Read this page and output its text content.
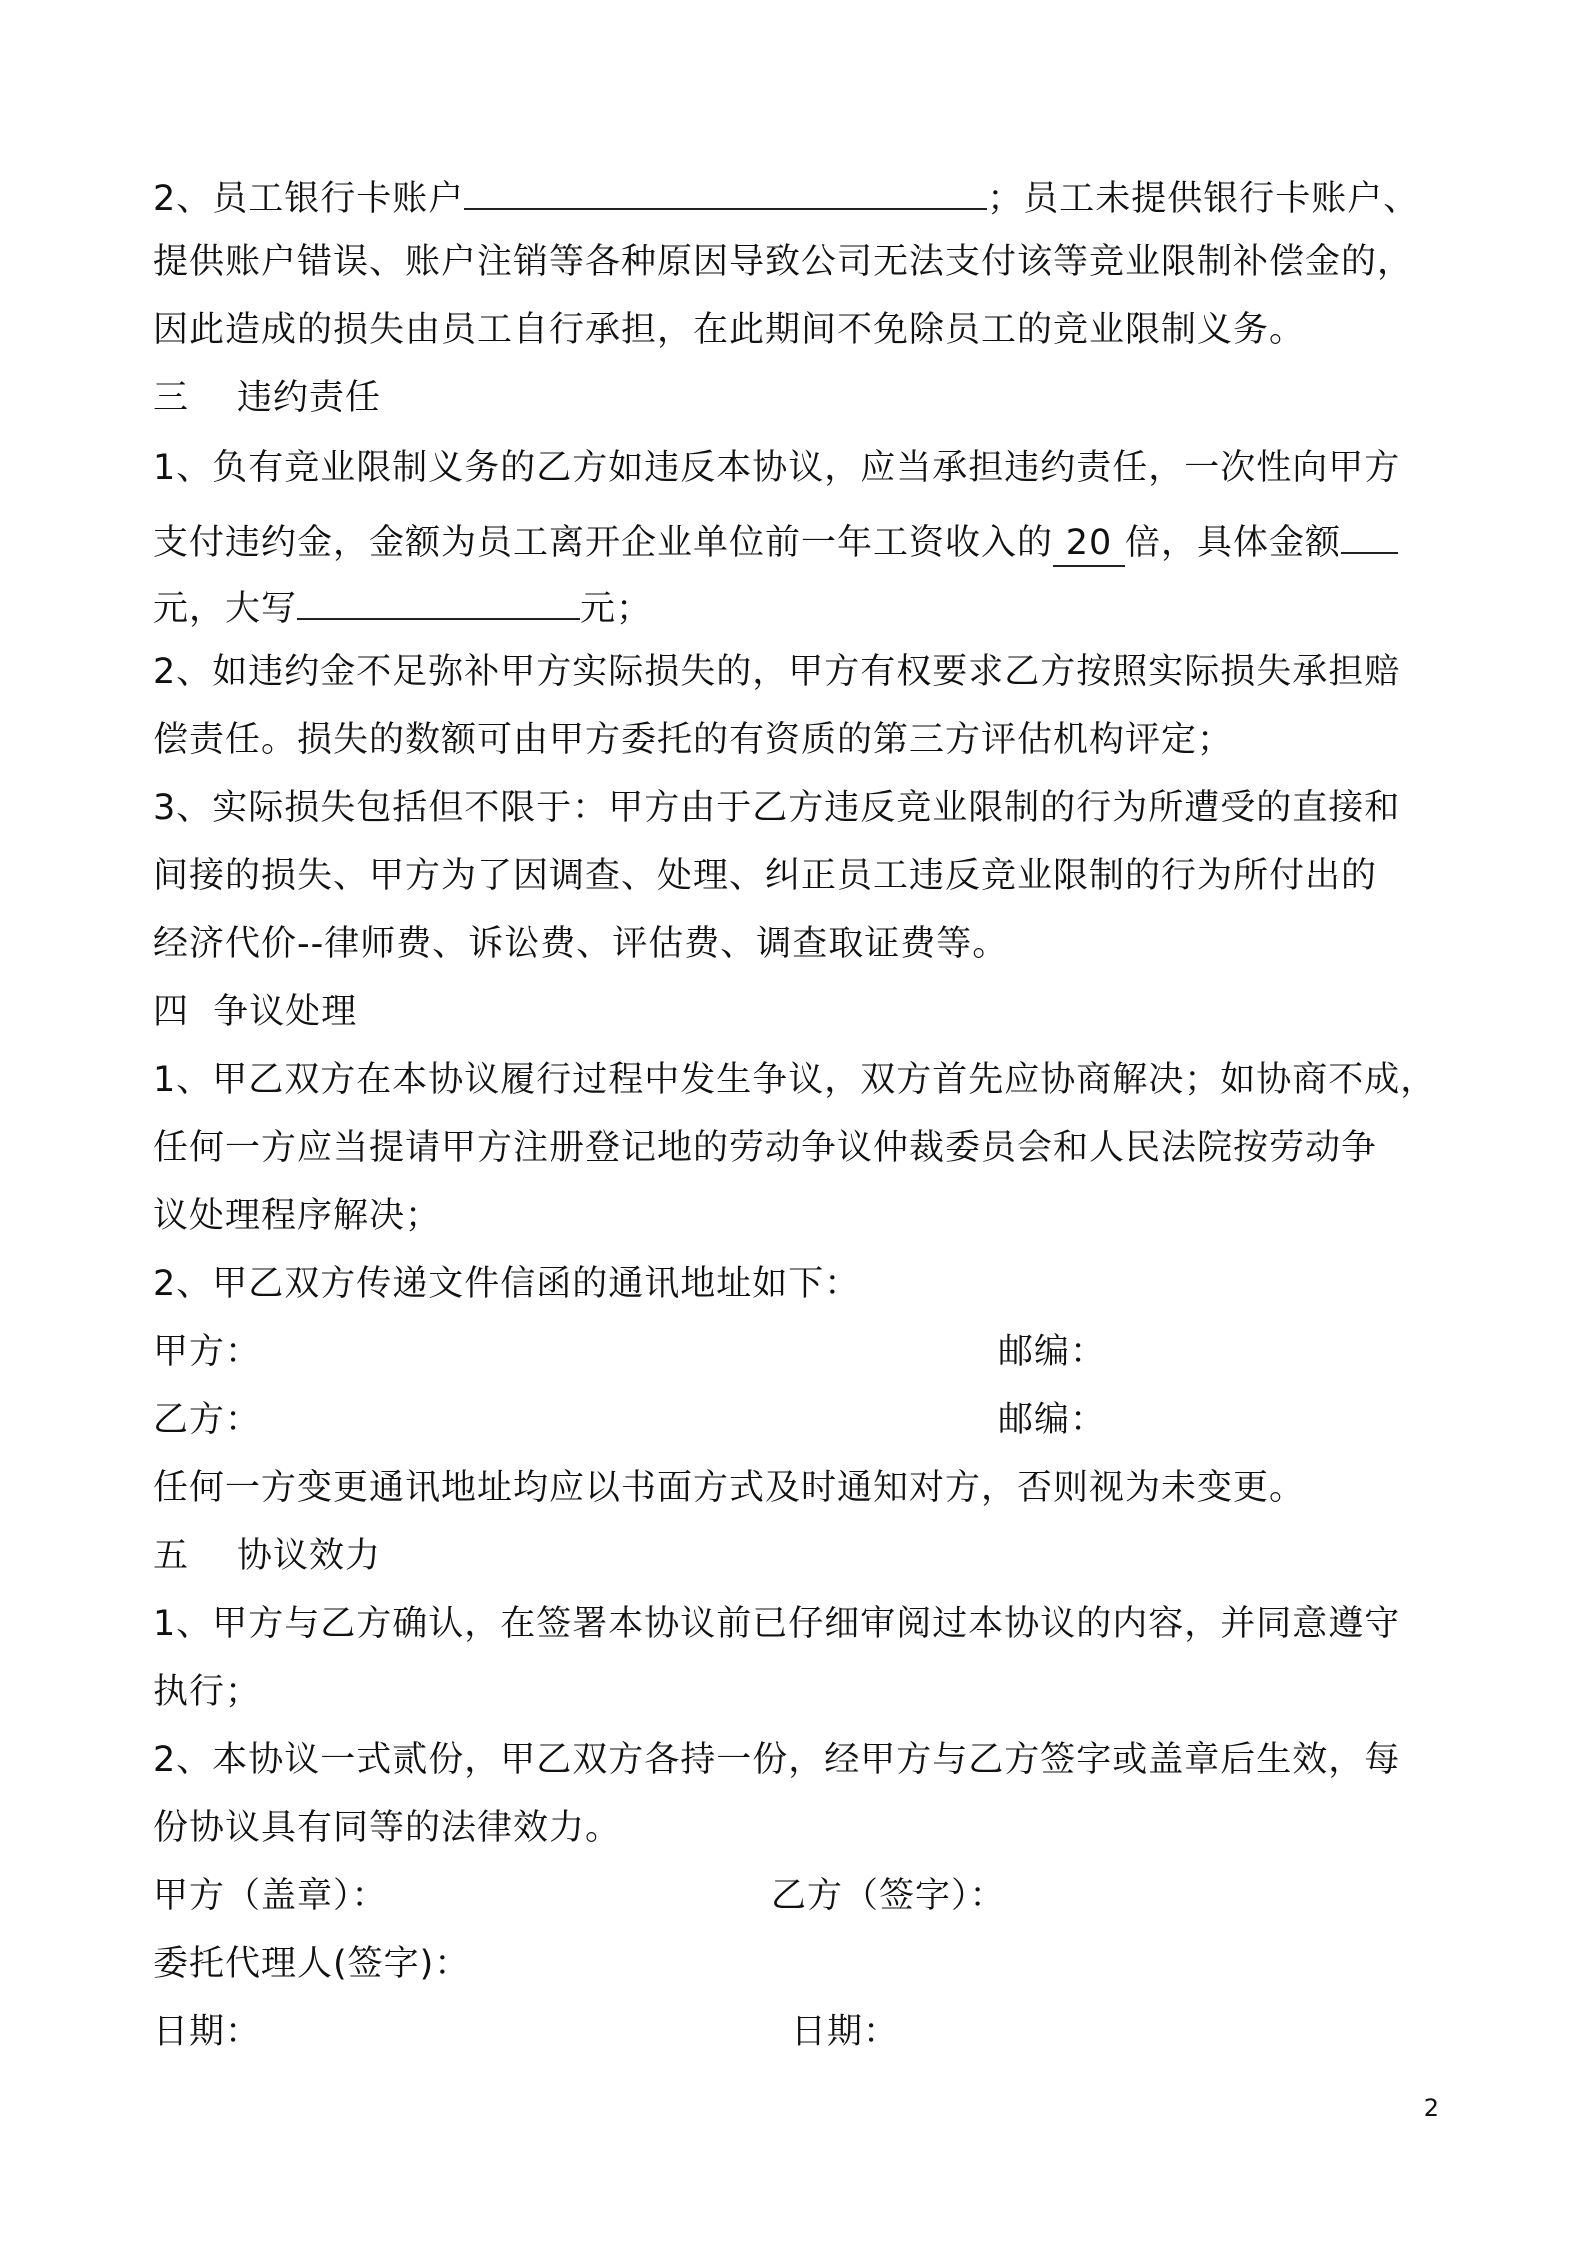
2、员工银行卡账户	；员工未提供银行卡账户、
提供账户错误、账户注销等各种原因导致公司无法支付该等竞业限制补偿金的，
因此造成的损失由员工自行承担，在此期间不免除员工的竞业限制义务。
三 违约责任
1、负有竞业限制义务的乙方如违反本协议，应当承担违约责任，一次性向甲方
支付违约金，金额为员工离开企业单位前一年工资收入的 20 倍，具体金额
元，大写	元；
2、如违约金不足弥补甲方实际损失的，甲方有权要求乙方按照实际损失承担赔
偿责任。损失的数额可由甲方委托的有资质的第三方评估机构评定；
3、实际损失包括但不限于：甲方由于乙方违反竞业限制的行为所遭受的直接和
间接的损失、甲方为了因调查、处理、纠正员工违反竞业限制的行为所付出的
经济代价--律师费、诉讼费、评估费、调查取证费等。
四  争议处理
1、甲乙双方在本协议履行过程中发生争议，双方首先应协商解决；如协商不成，
任何一方应当提请甲方注册登记地的劳动争议仲裁委员会和人民法院按劳动争
议处理程序解决；
2、甲乙双方传递文件信函的通讯地址如下：
甲方：	邮编：
乙方：	邮编：
任何一方变更通讯地址均应以书面方式及时通知对方，否则视为未变更。
五 协议效力
1、甲方与乙方确认，在签署本协议前已仔细审阅过本协议的内容，并同意遵守
执行；
2、本协议一式贰份，甲乙双方各持一份，经甲方与乙方签字或盖章后生效，每
份协议具有同等的法律效力。
甲方（盖章）：	乙方（签字）：
委托代理人(签字)：
日期：	日期：
2
